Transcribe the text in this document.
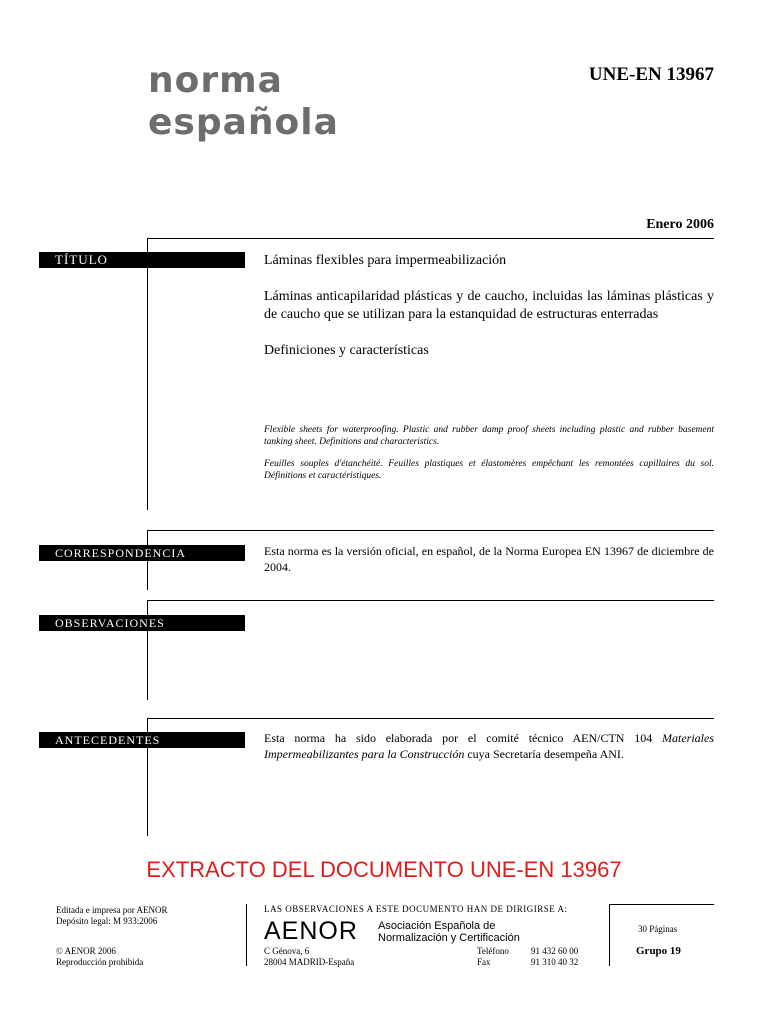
norma
española
UNE-EN 13967
Enero 2006
TÍTULO	Láminas flexibles para impermeabilización
Láminas anticapilaridad plásticas y de caucho, incluidas las láminas plásticas y de caucho que se utilizan para la estanquidad de estructuras enterradas
Definiciones y características
Flexible sheets for waterproofing. Plastic and rubber damp proof sheets including plastic and rubber basement tanking sheet. Definitions and characteristics.
Feuilles souples d'étanchéité. Feuilles plastiques et élastomères empêchant les remontées capillaires du sol. Définitions et caractéristiques.
CORRESPONDENCIA	Esta norma es la versión oficial, en español, de la Norma Europea EN 13967 de diciembre de 2004.
OBSERVACIONES
ANTECEDENTES	Esta norma ha sido elaborada por el comité técnico AEN/CTN 104 Materiales Impermeabilizantes para la Construcción cuya Secretaría desempeña ANI.
EXTRACTO DEL DOCUMENTO UNE-EN 13967
Editada e impresa por AENOR
Depósito legal: M 933:2006
© AENOR 2006
Reproducción prohibida
LAS OBSERVACIONES A ESTE DOCUMENTO HAN DE DIRIGIRSE A:
AENOR Asociación Española de
Normalización y Certificación
C Génova, 6
28004 MADRID-España
Teléfono 91 432 60 00
Fax	91 310 40 32
30 Páginas
Grupo 19
